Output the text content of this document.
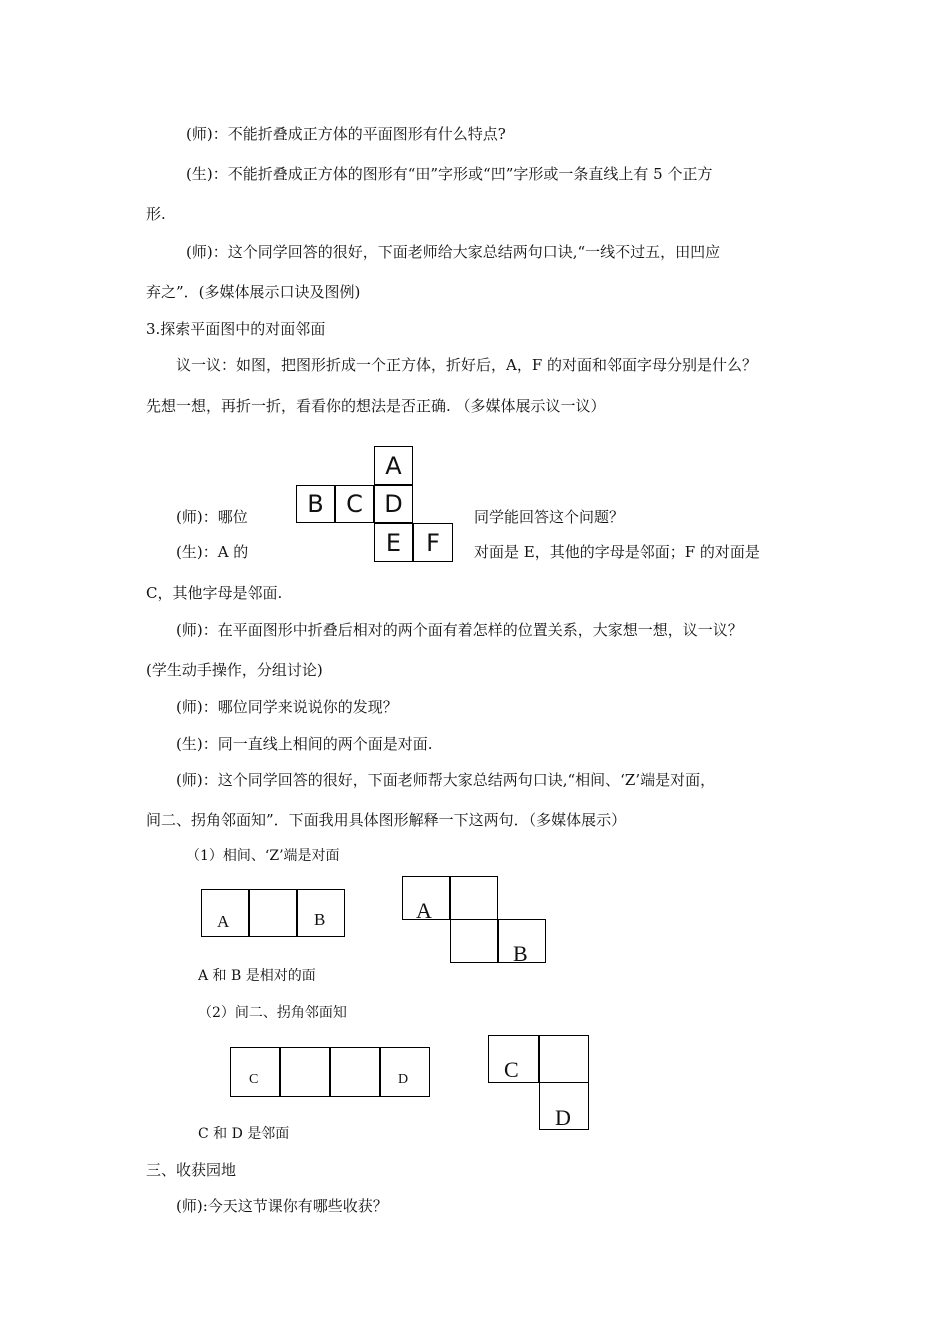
(师)：不能折叠成正方体的平面图形有什么特点?
(生)：不能折叠成正方体的图形有“田”字形或“凹”字形或一条直线上有 5 个正方
形.
(师)：这个同学回答的很好，下面老师给大家总结两句口诀,“一线不过五，田凹应
弃之”．(多媒体展示口诀及图例)
3.探索平面图中的对面邻面
议一议：如图，把图形折成一个正方体，折好后，A，F 的对面和邻面字母分别是什么？
先想一想，再折一折，看看你的想法是否正确. （多媒体展示议一议）
(师)：哪位	同学能回答这个问题？
(生)：A 的	对面是 E，其他的字母是邻面；F 的对面是
C，其他字母是邻面.
(师)：在平面图形中折叠后相对的两个面有着怎样的位置关系，大家想一想，议一议？
(学生动手操作，分组讨论)
(师)：哪位同学来说说你的发现？
(生)：同一直线上相间的两个面是对面.
(师)：这个同学回答的很好，下面老师帮大家总结两句口诀,“相间、‘Z’端是对面，
间二、拐角邻面知”．下面我用具体图形解释一下这两句．（多媒体展示）
（1）相间、‘Z’端是对面
A 和 B 是相对的面
（2）间二、拐角邻面知
C 和 D 是邻面
三、收获园地
(师):今天这节课你有哪些收获？
A
B C D
E F
A	B	A
B
C	D	C
D
